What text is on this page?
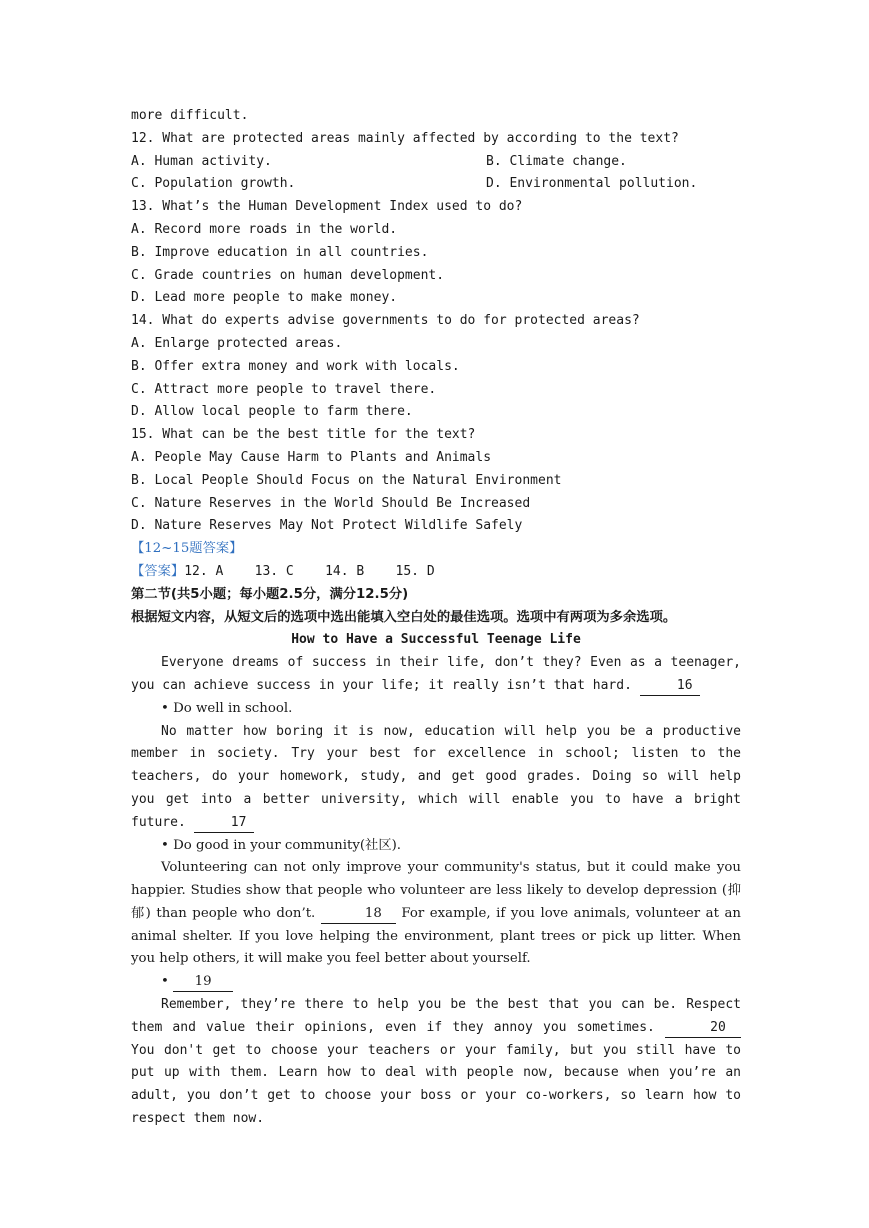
more difficult.
12. What are protected areas mainly affected by according to the text?
A. Human activity.	B. Climate change.
C. Population growth.	D. Environmental pollution.
13. What’s the Human Development Index used to do?
A. Record more roads in the world.
B. Improve education in all countries.
C. Grade countries on human development.
D. Lead more people to make money.
14. What do experts advise governments to do for protected areas?
A. Enlarge protected areas.
B. Offer extra money and work with locals.
C. Attract more people to travel there.
D. Allow local people to farm there.
15. What can be the best title for the text?
A. People May Cause Harm to Plants and Animals
B. Local People Should Focus on the Natural Environment
C. Nature Reserves in the World Should Be Increased
D. Nature Reserves May Not Protect Wildlife Safely
【12~15题答案】
【答案】12. A    13. C    14. B    15. D
第二节(共5小题；每小题2.5分，满分12.5分)
根据短文内容，从短文后的选项中选出能填入空白处的最佳选项。选项中有两项为多余选项。
How to Have a Successful Teenage Life
Everyone dreams of success in their life, don’t they? Even as a teenager, you can achieve success in your life; it really isn’t that hard.	16
• Do well in school.
No matter how boring it is now, education will help you be a productive member in society. Try your best for excellence in school; listen to the teachers, do your homework, study, and get good grades. Doing so will help you get into a better university, which will enable you to have a bright future.	17
• Do good in your community(社区).
Volunteering can not only improve your community's status, but it could make you happier. Studies show that people who volunteer are less likely to develop depression (抑郁) than people who don’t.	18 For example, if you love animals, volunteer at an animal shelter. If you love helping the environment, plant trees or pick up litter. When you help others, it will make you feel better about yourself.
• 19
Remember, they’re there to help you be the best that you can be. Respect them and value their opinions, even if they annoy you sometimes.	20 You don't get to choose your teachers or your family, but you still have to put up with them. Learn how to deal with people now, because when you’re an adult, you don’t get to choose your boss or your co-workers, so learn how to respect them now.
